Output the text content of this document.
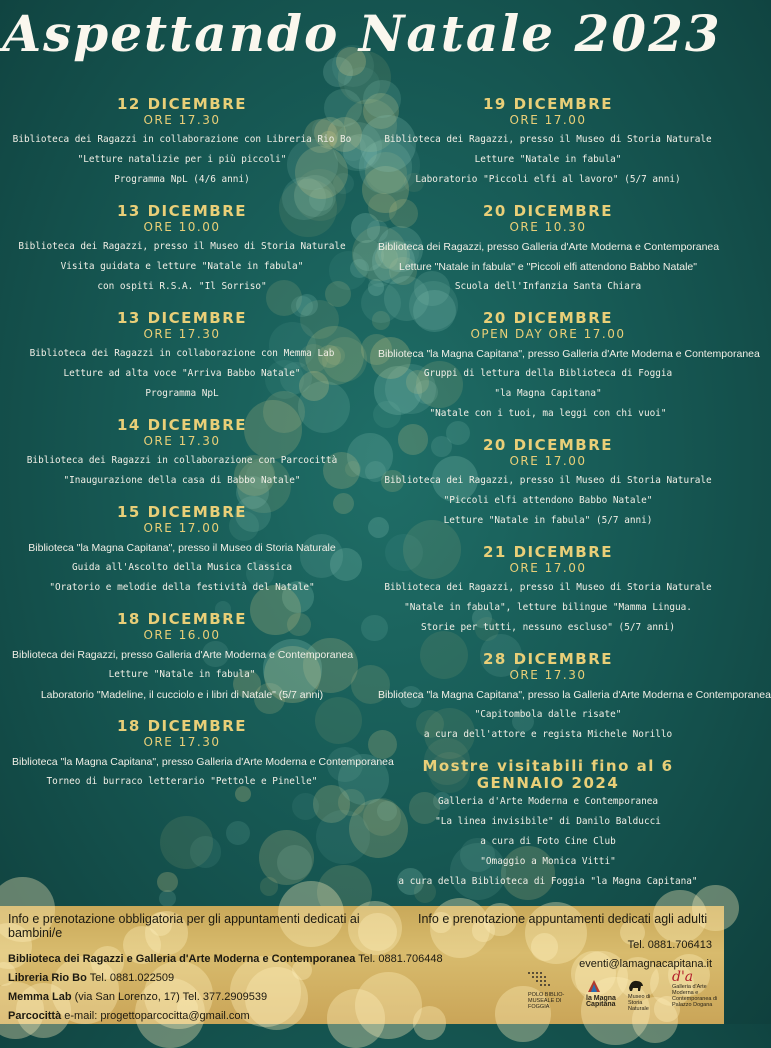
Aspettando Natale 2023
12 DICEMBRE
ORE 17.30
Biblioteca dei Ragazzi in collaborazione con Libreria Rio Bo
"Letture natalizie per i più piccoli"
Programma NpL (4/6 anni)
13 DICEMBRE
ORE 10.00
Biblioteca dei Ragazzi, presso il Museo di Storia Naturale
Visita guidata e letture "Natale in fabula"
con ospiti R.S.A. "Il Sorriso"
13 DICEMBRE
ORE 17.30
Biblioteca dei Ragazzi in collaborazione con Memma Lab
Letture ad alta voce "Arriva Babbo Natale"
Programma NpL
14 DICEMBRE
ORE 17.30
Biblioteca dei Ragazzi in collaborazione con Parcocittà
"Inaugurazione della casa di Babbo Natale"
15 DICEMBRE
ORE 17.00
Biblioteca "la Magna Capitana", presso il Museo di Storia Naturale
Guida all'Ascolto della Musica Classica
"Oratorio e melodie della festività del Natale"
18 DICEMBRE
ORE 16.00
Biblioteca dei Ragazzi, presso Galleria d'Arte Moderna e Contemporanea
Letture "Natale in fabula"
Laboratorio "Madeline, il cucciolo e i libri di Natale" (5/7 anni)
18 DICEMBRE
ORE 17.30
Biblioteca "la Magna Capitana", presso Galleria d'Arte Moderna e Contemporanea
Torneo di burraco letterario "Pettole e Pinelle"
19 DICEMBRE
ORE 17.00
Biblioteca dei Ragazzi, presso il Museo di Storia Naturale
Letture "Natale in fabula"
Laboratorio "Piccoli elfi al lavoro" (5/7 anni)
20 DICEMBRE
ORE 10.30
Biblioteca dei Ragazzi, presso Galleria d'Arte Moderna e Contemporanea
Letture "Natale in fabula" e "Piccoli elfi attendono Babbo Natale"
Scuola dell'Infanzia Santa Chiara
20 DICEMBRE
OPEN DAY ORE 17.00
Biblioteca "la Magna Capitana", presso Galleria d'Arte Moderna e Contemporanea
Gruppi di lettura della Biblioteca di Foggia
"la Magna Capitana"
"Natale con i tuoi, ma leggi con chi vuoi"
20 DICEMBRE
ORE 17.00
Biblioteca dei Ragazzi, presso il Museo di Storia Naturale
"Piccoli elfi attendono Babbo Natale"
Letture "Natale in fabula" (5/7 anni)
21 DICEMBRE
ORE 17.00
Biblioteca dei Ragazzi, presso il Museo di Storia Naturale
"Natale in fabula", letture bilingue "Mamma Lingua.
Storie per tutti, nessuno escluso" (5/7 anni)
28 DICEMBRE
ORE 17.30
Biblioteca "la Magna Capitana", presso la Galleria d'Arte Moderna e Contemporanea
"Capitombola dalle risate"
a cura dell'attore e regista Michele Norillo
Mostre visitabili fino al 6 GENNAIO 2024
Galleria d'Arte Moderna e Contemporanea
"La linea invisibile" di Danilo Balducci
a cura di Foto Cine Club
"Omaggio a Monica Vitti"
a cura della Biblioteca di Foggia "la Magna Capitana"
Info e prenotazione obbligatoria per gli appuntamenti dedicati ai bambini/e
Biblioteca dei Ragazzi e Galleria d'Arte Moderna e Contemporanea Tel. 0881.706448
Libreria Rio Bo Tel. 0881.022509
Memma Lab (via San Lorenzo, 17) Tel. 377.2909539
Parcocittà e-mail: progettoparcocitta@gmail.com
Info e prenotazione appuntamenti dedicati agli adulti
Tel. 0881.706413
eventi@lamagnacapitana.it
POLO BIBLIO-MUSEALE DI FOGGIA
la Magna Capitana
Museo di Storia Naturale
d'a
Galleria d'Arte Moderna e Contemporanea di Palazzo Dogana
